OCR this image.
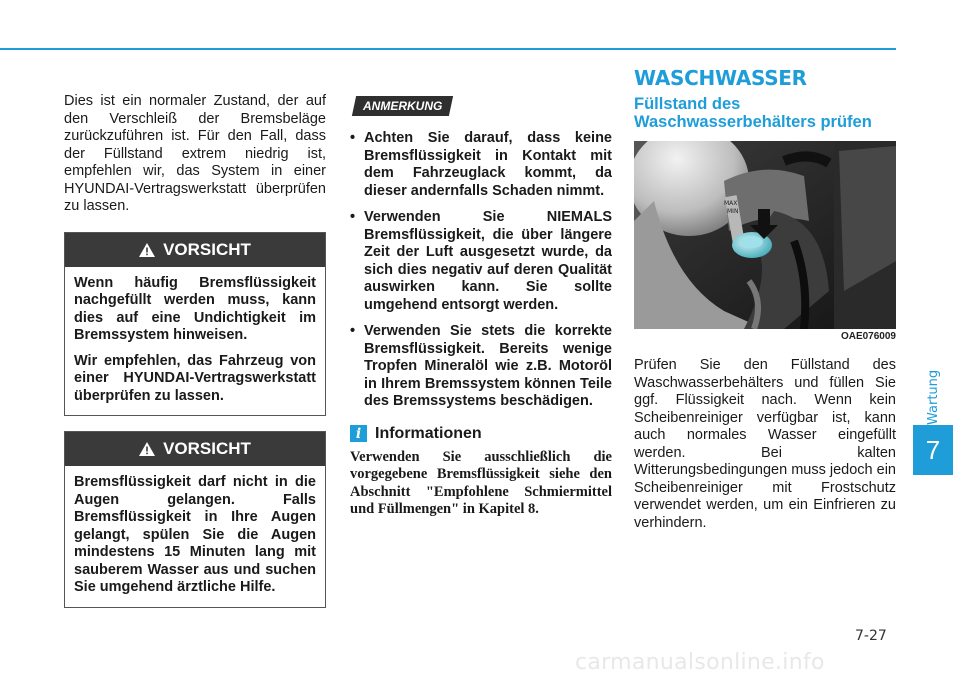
Dies ist ein normaler Zustand, der auf den Verschleiß der Bremsbeläge zurückzuführen ist. Für den Fall, dass der Füllstand extrem niedrig ist, empfehlen wir, das System in einer HYUNDAI-Vertragswerkstatt überprüfen zu lassen.

VORSICHT

Wenn häufig Bremsflüssigkeit nachgefüllt werden muss, kann dies auf eine Undichtigkeit im Bremssystem hinweisen.

Wir empfehlen, das Fahrzeug von einer HYUNDAI-Vertragswerkstatt überprüfen zu lassen.

VORSICHT

Bremsflüssigkeit darf nicht in die Augen gelangen. Falls Bremsflüssigkeit in Ihre Augen gelangt, spülen Sie die Augen mindestens 15 Minuten lang mit sauberem Wasser aus und suchen Sie umgehend ärztliche Hilfe.

ANMERKUNG
• Achten Sie darauf, dass keine Bremsflüssigkeit in Kontakt mit dem Fahrzeuglack kommt, da dieser andernfalls Schaden nimmt.
• Verwenden Sie NIEMALS Bremsflüssigkeit, die über längere Zeit der Luft ausgesetzt wurde, da sich dies negativ auf deren Qualität auswirken kann. Sie sollte umgehend entsorgt werden.
• Verwenden Sie stets die korrekte Bremsflüssigkeit. Bereits wenige Tropfen Mineralöl wie z.B. Motoröl in Ihrem Bremssystem können Teile des Bremssystems beschädigen.
i Informationen

Verwenden Sie ausschließlich die vorgegebene Bremsflüssigkeit siehe den Abschnitt "Empfohlene Schmiermittel und Füllmengen" in Kapitel 8.

WASCHWASSER
Füllstand des Waschwasserbehälters prüfen
MAX
MIN
OAE076009

Prüfen Sie den Füllstand des Waschwasserbehälters und füllen Sie ggf. Flüssigkeit nach. Wenn kein Scheibenreiniger verfügbar ist, kann auch normales Wasser eingefüllt werden. Bei kalten Witterungsbedingungen muss jedoch ein Scheibenreiniger mit Frostschutz verwendet werden, um ein Einfrieren zu verhindern.

Wartung
7
7-27
carmanualsonline.info
